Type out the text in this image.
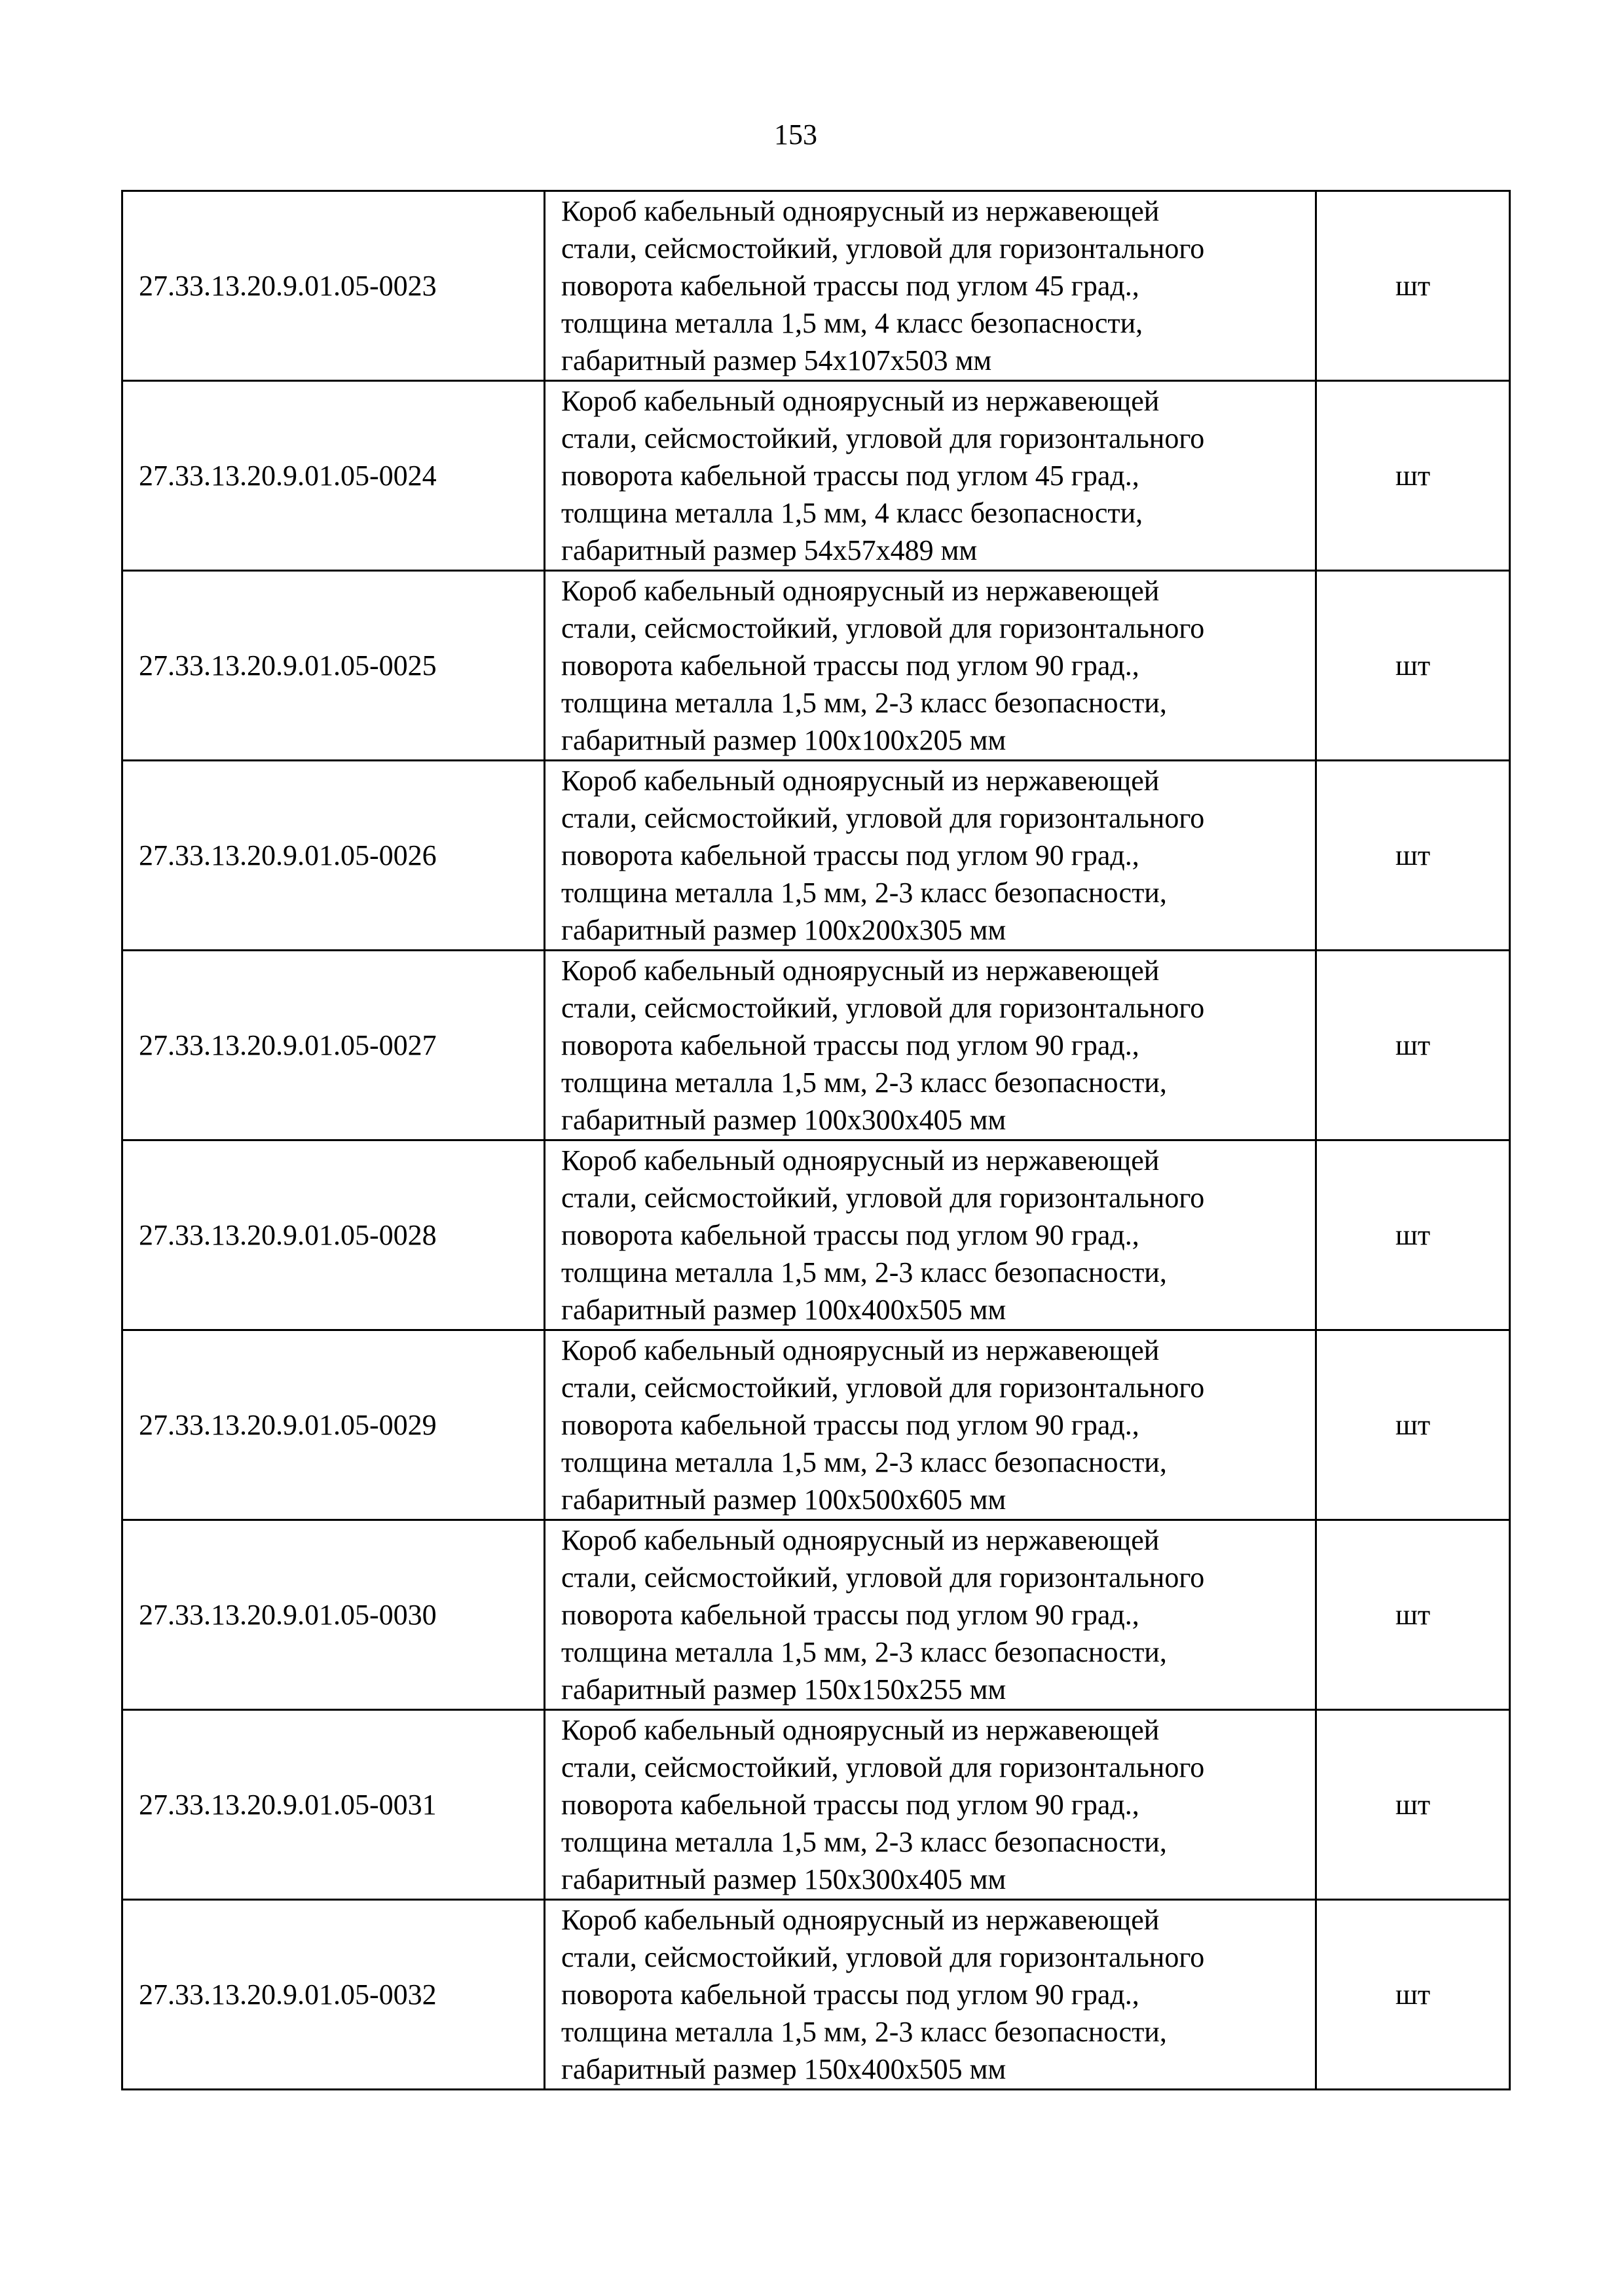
153
27.33.13.20.9.01.05-0023	Короб кабельный одноярусный из нержавеющей
стали, сейсмостойкий, угловой для горизонтального
поворота кабельной трассы под углом 45 град.,
толщина металла 1,5 мм, 4 класс безопасности,
габаритный размер 54х107х503 мм	шт
27.33.13.20.9.01.05-0024	Короб кабельный одноярусный из нержавеющей
стали, сейсмостойкий, угловой для горизонтального
поворота кабельной трассы под углом 45 град.,
толщина металла 1,5 мм, 4 класс безопасности,
габаритный размер 54х57х489 мм	шт
27.33.13.20.9.01.05-0025	Короб кабельный одноярусный из нержавеющей
стали, сейсмостойкий, угловой для горизонтального
поворота кабельной трассы под углом 90 град.,
толщина металла 1,5 мм, 2-3 класс безопасности,
габаритный размер 100х100х205 мм	шт
27.33.13.20.9.01.05-0026	Короб кабельный одноярусный из нержавеющей
стали, сейсмостойкий, угловой для горизонтального
поворота кабельной трассы под углом 90 град.,
толщина металла 1,5 мм, 2-3 класс безопасности,
габаритный размер 100х200х305 мм	шт
27.33.13.20.9.01.05-0027	Короб кабельный одноярусный из нержавеющей
стали, сейсмостойкий, угловой для горизонтального
поворота кабельной трассы под углом 90 град.,
толщина металла 1,5 мм, 2-3 класс безопасности,
габаритный размер 100х300х405 мм	шт
27.33.13.20.9.01.05-0028	Короб кабельный одноярусный из нержавеющей
стали, сейсмостойкий, угловой для горизонтального
поворота кабельной трассы под углом 90 град.,
толщина металла 1,5 мм, 2-3 класс безопасности,
габаритный размер 100х400х505 мм	шт
27.33.13.20.9.01.05-0029	Короб кабельный одноярусный из нержавеющей
стали, сейсмостойкий, угловой для горизонтального
поворота кабельной трассы под углом 90 град.,
толщина металла 1,5 мм, 2-3 класс безопасности,
габаритный размер 100х500х605 мм	шт
27.33.13.20.9.01.05-0030	Короб кабельный одноярусный из нержавеющей
стали, сейсмостойкий, угловой для горизонтального
поворота кабельной трассы под углом 90 град.,
толщина металла 1,5 мм, 2-3 класс безопасности,
габаритный размер 150х150х255 мм	шт
27.33.13.20.9.01.05-0031	Короб кабельный одноярусный из нержавеющей
стали, сейсмостойкий, угловой для горизонтального
поворота кабельной трассы под углом 90 град.,
толщина металла 1,5 мм, 2-3 класс безопасности,
габаритный размер 150х300х405 мм	шт
27.33.13.20.9.01.05-0032	Короб кабельный одноярусный из нержавеющей
стали, сейсмостойкий, угловой для горизонтального
поворота кабельной трассы под углом 90 град.,
толщина металла 1,5 мм, 2-3 класс безопасности,
габаритный размер 150х400х505 мм	шт
